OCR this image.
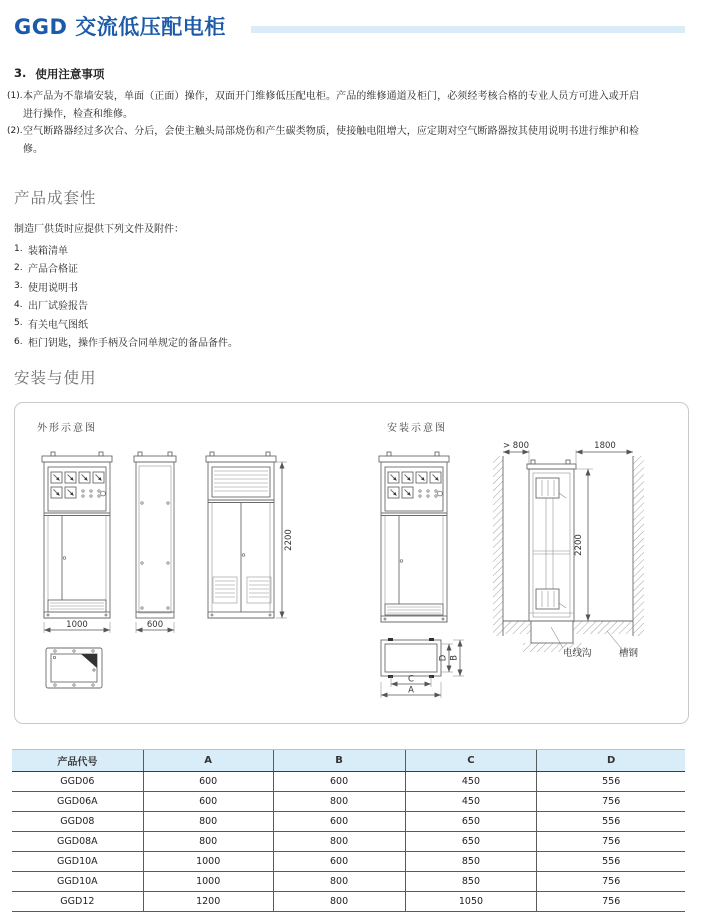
GGD 交流低压配电柜
3. 使用注意事项
(1). 本产品为不靠墙安装，单面（正面）操作，双面开门维修低压配电柜。产品的维修通道及柜门，必须经考核合格的专业人员方可进入或开启进行操作，检查和维修。
(2). 空气断路器经过多次合、分后，会使主触头局部烧伤和产生碳类物质，使接触电阻增大，应定期对空气断路器按其使用说明书进行维护和检修。
产品成套性
制造厂供货时应提供下列文件及附件：
1. 装箱清单
2. 产品合格证
3. 使用说明书
4. 出厂试验报告
5. 有关电气图纸
6. 柜门钥匙，操作手柄及合同单规定的备品备件。
安装与使用
外形示意图	安装示意图
1000	600
2200
C
A
D B
> 800	1800
2200
电线沟	槽钢
产品代号	A	B	C	D
GGD06	600	600	450	556
GGD06A	600	800	450	756
GGD08	800	600	650	556
GGD08A	800	800	650	756
GGD10A	1000	600	850	556
GGD10A	1000	800	850	756
GGD12	1200	800	1050	756
